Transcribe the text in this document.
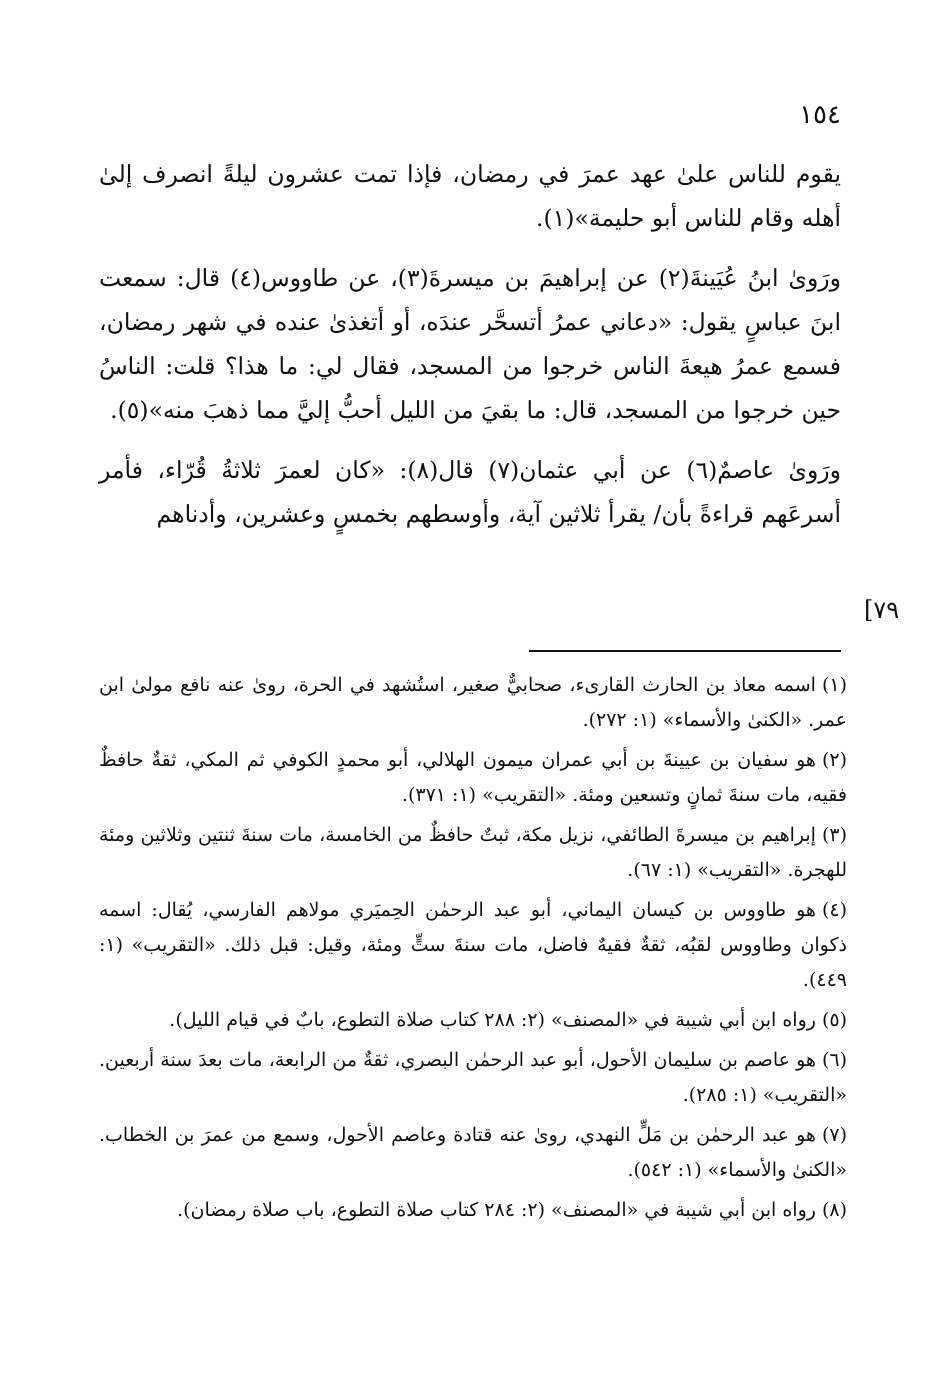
١٥٤

يقوم للناس علىٰ عهد عمرَ في رمضان، فإذا تمت عشرون ليلةً انصرف إلىٰ أهله وقام للناس أبو حليمة»(١).

ورَوىٰ ابنُ عُيَينةَ(٢) عن إبراهيمَ بن ميسرةَ(٣)، عن طاووس(٤) قال: سمعت ابنَ عباسٍ يقول: «دعاني عمرُ أتسحَّر عندَه، أو أتغذىٰ عنده في شهر رمضان، فسمع عمرُ هيعةَ الناس خرجوا من المسجد، فقال لي: ما هذا؟ قلت: الناسُ حين خرجوا من المسجد، قال: ما بقيَ من الليل أحبُّ إليَّ مما ذهبَ منه»(٥).

ورَوىٰ عاصمٌ(٦) عن أبي عثمان(٧) قال(٨): «كان لعمرَ ثلاثةُ قُرّاء، فأمر أسرعَهم قراءةً بأن/ يقرأ ثلاثين آية، وأوسطهم بخمسٍ وعشرين، وأدناهم

[٧٩

(١)اسمه معاذ بن الحارث القارىء، صحابيٌّ صغير، استُشهد في الحرة، روىٰ عنه نافع مولىٰ ابن عمر. «الكنىٰ والأسماء» (١: ٢٧٢).

(٢)هو سفيان بن عيينةَ بن أبي عمران ميمون الهلالي، أبو محمدٍ الكوفي ثم المكي، ثقةٌ حافظٌ فقيه، مات سنةَ ثمانٍ وتسعين ومئة. «التقريب» (١: ٣٧١).

(٣)إبراهيم بن ميسرةَ الطائفي، نزيل مكة، ثبتٌ حافظٌ من الخامسة، مات سنةَ ثنتين وثلاثين ومئة للهجرة. «التقريب» (١: ٦٧).

(٤)هو طاووس بن كيسان اليماني، أبو عبد الرحمٰن الحِميَري مولاهم الفارسي، يُقال: اسمه ذكوان وطاووس لقبُه، ثقةٌ فقيهٌ فاضل، مات سنةَ ستٍّ ومئة، وقيل: قبل ذلك. «التقريب» (١: ٤٤٩).

(٥)رواه ابن أبي شيبة في «المصنف» (٢: ٢٨٨ كتاب صلاة التطوع، بابٌ في قيام الليل).

(٦)هو عاصم بن سليمان الأحول، أبو عبد الرحمٰن البصري، ثقةٌ من الرابعة، مات بعدَ سنة أربعين. «التقريب» (١: ٢٨٥).

(٧)هو عبد الرحمٰن بن مَلٍّ النهدي، روىٰ عنه قتادة وعاصم الأحول، وسمع من عمرَ بن الخطاب. «الكنىٰ والأسماء» (١: ٥٤٢).

(٨)رواه ابن أبي شيبة في «المصنف» (٢: ٢٨٤ كتاب صلاة التطوع، باب صلاة رمضان).
